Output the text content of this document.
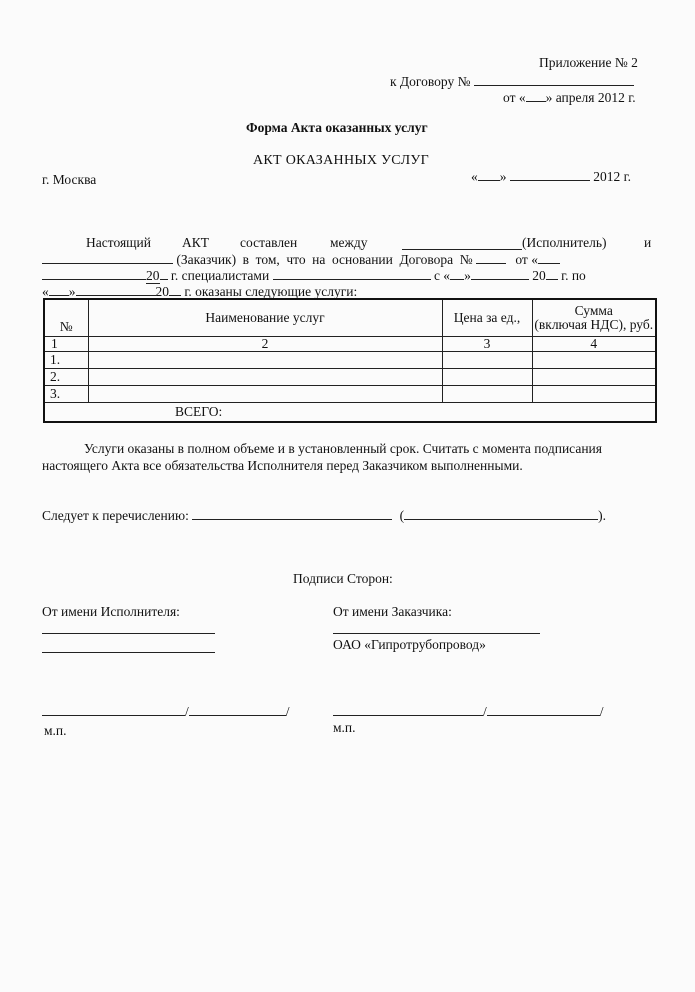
Приложение № 2
к Договору №
от « » апреля 2012 г.
Форма Акта оказанных услуг
АКТ ОКАЗАННЫХ УСЛУГ
г. Москва	« »	2012 г.
Настоящий АКТ составлен между	(Исполнитель)	и
(Заказчик) в том, что на основании Договора №	от «
20 г. специалистами	с « »	20 г. по
« »	20 г. оказаны следующие услуги:
№	Наименование услуг	Цена за ед.,	Сумма
(включая НДС), руб.
1	2	3	4
1.			
2.			
3.			
ВСЕГО:			
Услуги оказаны в полном объеме и в установленный срок. Считать с момента подписания
настоящего Акта все обязательства Исполнителя перед Заказчиком выполненными.
Следует к перечислению:	(	).
Подписи Сторон:
От имени Исполнителя:	От имени Заказчика:
ОАО «Гипротрубопровод»
/	/	/	/
м.п.	м.п.
